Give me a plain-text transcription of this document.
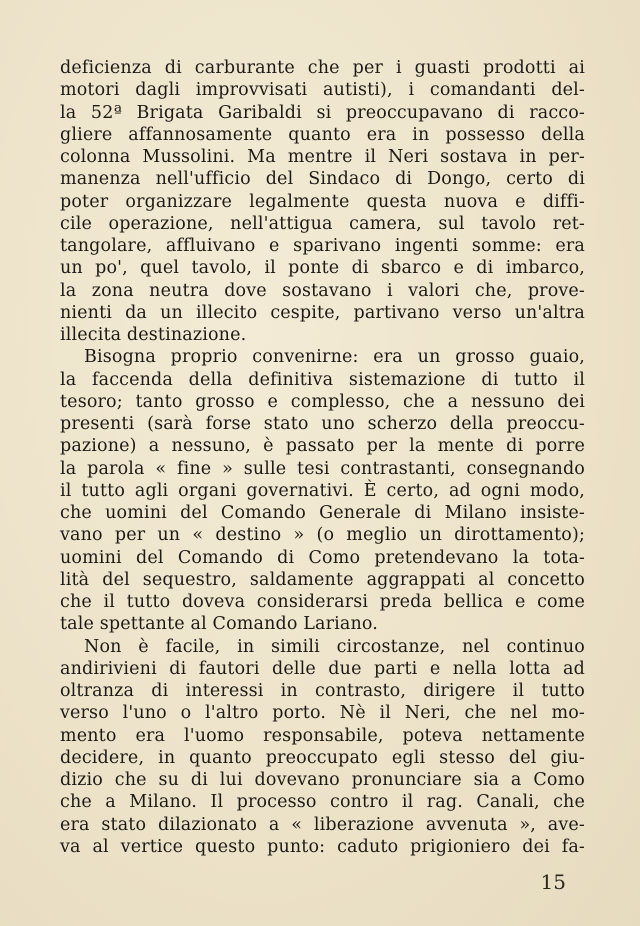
deficienza di carburante che per i guasti prodotti ai
motori dagli improvvisati autisti), i comandanti del-
la 52ª Brigata Garibaldi si preoccupavano di racco-
gliere affannosamente quanto era in possesso della
colonna Mussolini. Ma mentre il Neri sostava in per-
manenza nell'ufficio del Sindaco di Dongo, certo di
poter organizzare legalmente questa nuova e diffi-
cile operazione, nell'attigua camera, sul tavolo ret-
tangolare, affluivano e sparivano ingenti somme: era
un po', quel tavolo, il ponte di sbarco e di imbarco,
la zona neutra dove sostavano i valori che, prove-
nienti da un illecito cespite, partivano verso un'altra
illecita destinazione.
Bisogna proprio convenirne: era un grosso guaio,
la faccenda della definitiva sistemazione di tutto il
tesoro; tanto grosso e complesso, che a nessuno dei
presenti (sarà forse stato uno scherzo della preoccu-
pazione) a nessuno, è passato per la mente di porre
la parola « fine » sulle tesi contrastanti, consegnando
il tutto agli organi governativi. È certo, ad ogni modo,
che uomini del Comando Generale di Milano insiste-
vano per un « destino » (o meglio un dirottamento);
uomini del Comando di Como pretendevano la tota-
lità del sequestro, saldamente aggrappati al concetto
che il tutto doveva considerarsi preda bellica e come
tale spettante al Comando Lariano.
Non è facile, in simili circostanze, nel continuo
andirivieni di fautori delle due parti e nella lotta ad
oltranza di interessi in contrasto, dirigere il tutto
verso l'uno o l'altro porto. Nè il Neri, che nel mo-
mento era l'uomo responsabile, poteva nettamente
decidere, in quanto preoccupato egli stesso del giu-
dizio che su di lui dovevano pronunciare sia a Como
che a Milano. Il processo contro il rag. Canali, che
era stato dilazionato a « liberazione avvenuta », ave-
va al vertice questo punto: caduto prigioniero dei fa-
15
